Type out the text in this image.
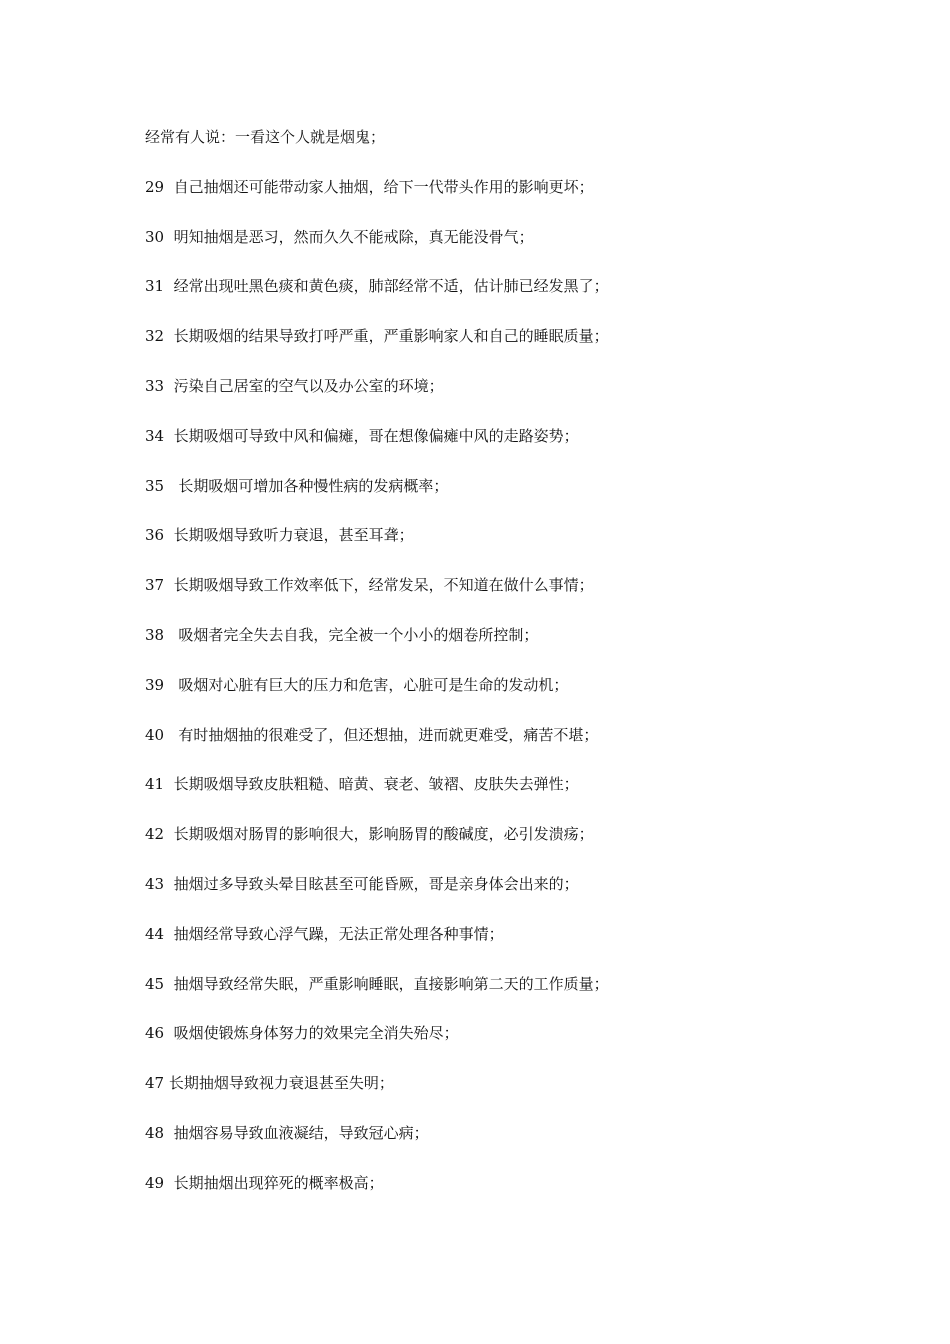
经常有人说：一看这个人就是烟鬼；
29  自己抽烟还可能带动家人抽烟，给下一代带头作用的影响更坏；
30  明知抽烟是恶习，然而久久不能戒除，真无能没骨气；
31  经常出现吐黑色痰和黄色痰，肺部经常不适，估计肺已经发黑了；
32  长期吸烟的结果导致打呼严重，严重影响家人和自己的睡眠质量；
33  污染自己居室的空气以及办公室的环境；
34  长期吸烟可导致中风和偏瘫，哥在想像偏瘫中风的走路姿势；
35   长期吸烟可增加各种慢性病的发病概率；
36  长期吸烟导致听力衰退，甚至耳聋；
37  长期吸烟导致工作效率低下，经常发呆，不知道在做什么事情；
38   吸烟者完全失去自我，完全被一个小小的烟卷所控制；
39   吸烟对心脏有巨大的压力和危害，心脏可是生命的发动机；
40   有时抽烟抽的很难受了，但还想抽，进而就更难受，痛苦不堪；
41  长期吸烟导致皮肤粗糙、暗黄、衰老、皱褶、皮肤失去弹性；
42  长期吸烟对肠胃的影响很大，影响肠胃的酸碱度，必引发溃疡；
43  抽烟过多导致头晕目眩甚至可能昏厥，哥是亲身体会出来的；
44  抽烟经常导致心浮气躁，无法正常处理各种事情；
45  抽烟导致经常失眠，严重影响睡眠，直接影响第二天的工作质量；
46  吸烟使锻炼身体努力的效果完全消失殆尽；
47 长期抽烟导致视力衰退甚至失明；
48  抽烟容易导致血液凝结，导致冠心病；
49  长期抽烟出现猝死的概率极高；
